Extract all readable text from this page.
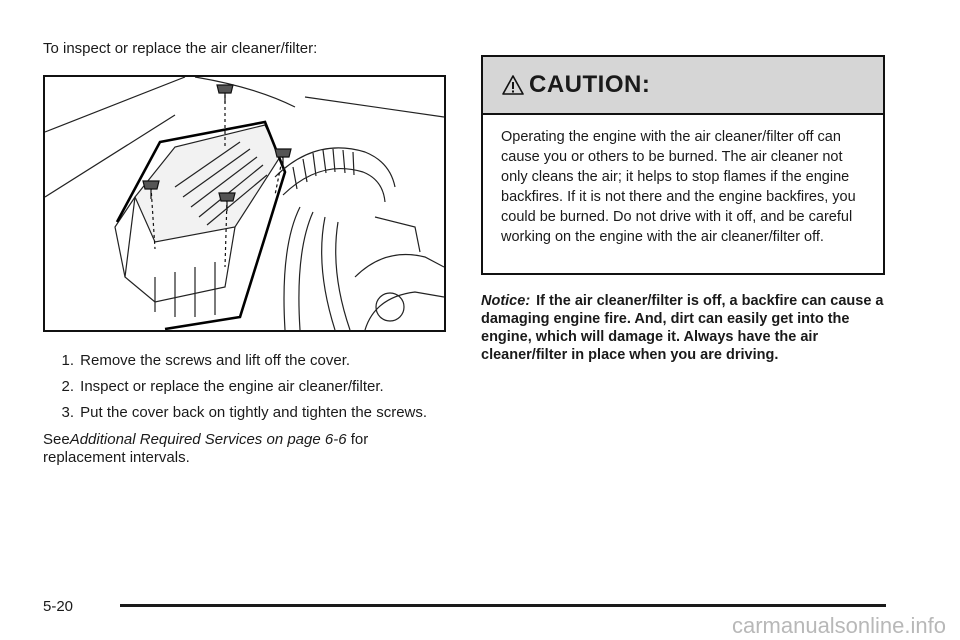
To inspect or replace the air cleaner/filter:

1. Remove the screws and lift off the cover.
2. Inspect or replace the engine air cleaner/filter.
3. Put the cover back on tightly and tighten the screws.

SeeAdditional Required Services on page 6-6 for replacement intervals.

CAUTION:

Operating the engine with the air cleaner/filter off can cause you or others to be burned. The air cleaner not only cleans the air; it helps to stop flames if the engine backfires. If it is not there and the engine backfires, you could be burned. Do not drive with it off, and be careful working on the engine with the air cleaner/filter off.

Notice: If the air cleaner/filter is off, a backfire can cause a damaging engine fire. And, dirt can easily get into the engine, which will damage it. Always have the air cleaner/filter in place when you are driving.

5-20

carmanualsonline.info
